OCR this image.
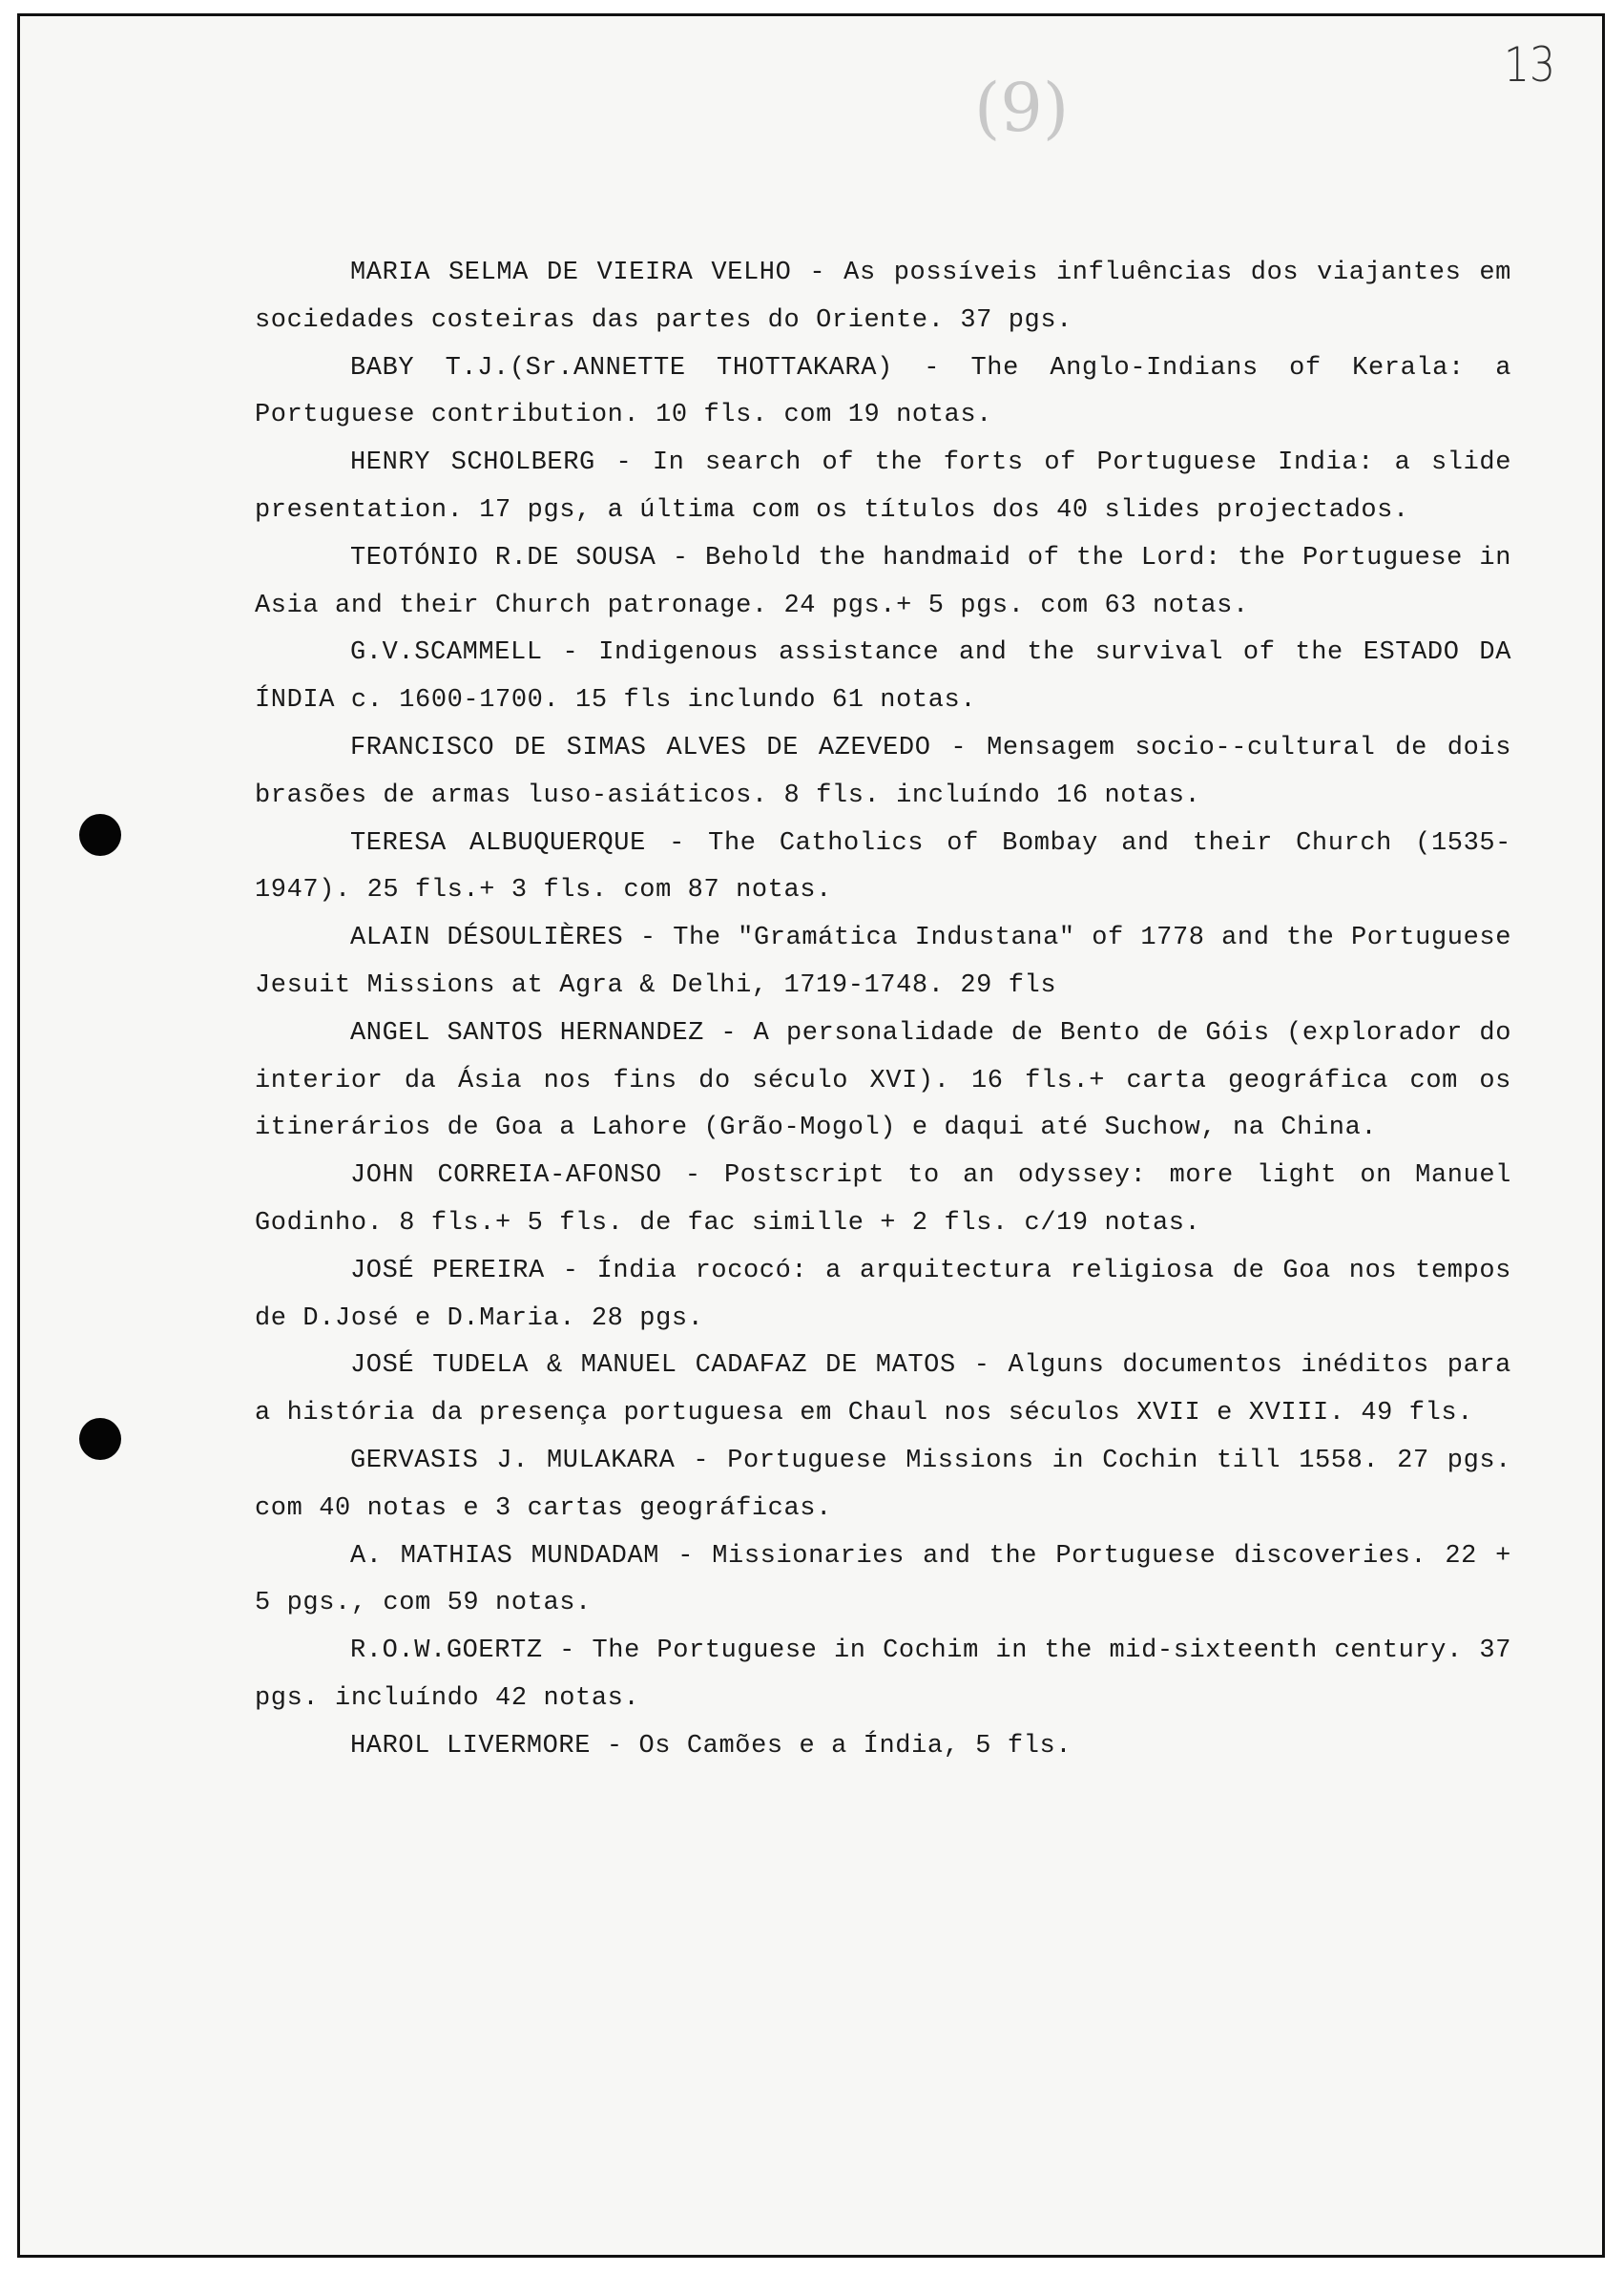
(9)
13

MARIA SELMA DE VIEIRA VELHO - As possíveis influências dos viajantes em sociedades costeiras das partes do Oriente. 37 pgs.

BABY T.J.(Sr.ANNETTE THOTTAKARA) - The Anglo-Indians of Kerala: a Portuguese contribution. 10 fls. com 19 notas.

HENRY SCHOLBERG - In search of the forts of Portuguese India: a slide presentation. 17 pgs, a última com os títulos dos 40 slides projectados.

TEOTÓNIO R.DE SOUSA - Behold the handmaid of the Lord: the Portuguese in Asia and their Church patronage. 24 pgs.+ 5 pgs. com 63 notas.

G.V.SCAMMELL - Indigenous assistance and the survival of the ESTADO DA ÍNDIA c. 1600-1700. 15 fls inclundo 61 notas.

FRANCISCO DE SIMAS ALVES DE AZEVEDO - Mensagem socio--cultural de dois brasões de armas luso-asiáticos. 8 fls. incluíndo 16 notas.

TERESA ALBUQUERQUE - The Catholics of Bombay and their Church (1535-1947). 25 fls.+ 3 fls. com 87 notas.

ALAIN DÉSOULIÈRES - The "Gramática Industana" of 1778 and the Portuguese Jesuit Missions at Agra & Delhi, 1719-1748. 29 fls

ANGEL SANTOS HERNANDEZ - A personalidade de Bento de Góis (explorador do interior da Ásia nos fins do século XVI). 16 fls.+ carta geográfica com os itinerários de Goa a Lahore (Grão-Mogol) e daqui até Suchow, na China.

JOHN CORREIA-AFONSO - Postscript to an odyssey: more light on Manuel Godinho. 8 fls.+ 5 fls. de fac simille + 2 fls. c/19 notas.

JOSÉ PEREIRA - Índia rococó: a arquitectura religiosa de Goa nos tempos de D.José e D.Maria. 28 pgs.

JOSÉ TUDELA & MANUEL CADAFAZ DE MATOS - Alguns documentos inéditos para a história da presença portuguesa em Chaul nos séculos XVII e XVIII. 49 fls.

GERVASIS J. MULAKARA - Portuguese Missions in Cochin till 1558. 27 pgs. com 40 notas e 3 cartas geográficas.

A. MATHIAS MUNDADAM - Missionaries and the Portuguese discoveries. 22 + 5 pgs., com 59 notas.

R.O.W.GOERTZ - The Portuguese in Cochim in the mid-sixteenth century. 37 pgs. incluíndo 42 notas.

HAROL LIVERMORE - Os Camões e a Índia, 5 fls.
